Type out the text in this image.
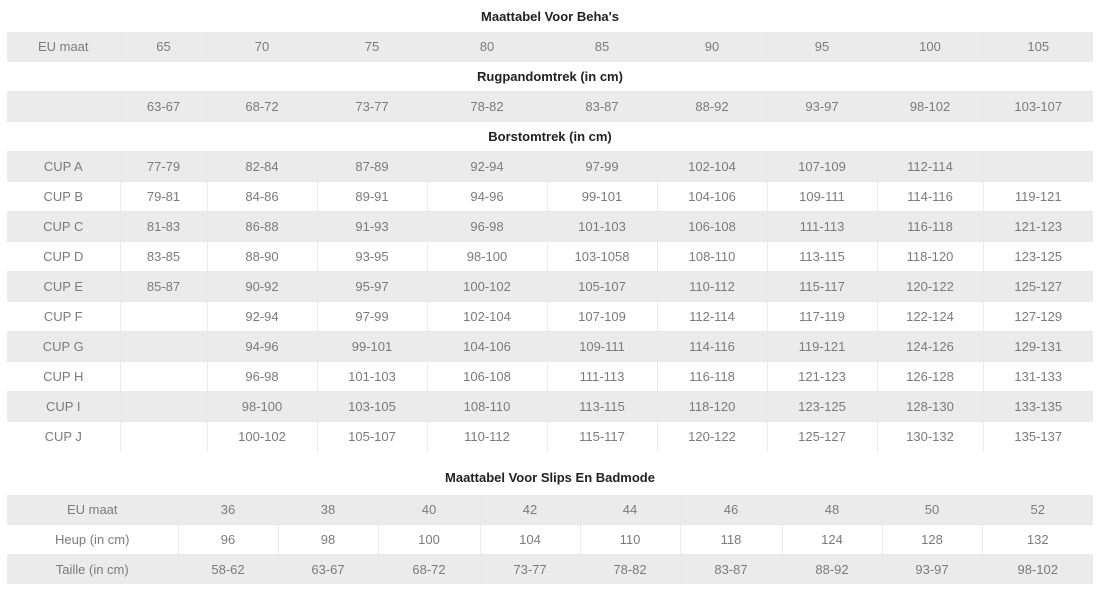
Maattabel Voor Beha's
EU maat	65	70	75	80	85	90	95	100	105
Rugpandomtrek (in cm)									
	63-67	68-72	73-77	78-82	83-87	88-92	93-97	98-102	103-107
Borstomtrek (in cm)									
CUP A	77-79	82-84	87-89	92-94	97-99	102-104	107-109	112-114	
CUP B	79-81	84-86	89-91	94-96	99-101	104-106	109-111	114-116	119-121
CUP C	81-83	86-88	91-93	96-98	101-103	106-108	111-113	116-118	121-123
CUP D	83-85	88-90	93-95	98-100	103-1058	108-110	113-115	118-120	123-125
CUP E	85-87	90-92	95-97	100-102	105-107	110-112	115-117	120-122	125-127
CUP F		92-94	97-99	102-104	107-109	112-114	117-119	122-124	127-129
CUP G		94-96	99-101	104-106	109-111	114-116	119-121	124-126	129-131
CUP H		96-98	101-103	106-108	111-113	116-118	121-123	126-128	131-133
CUP I		98-100	103-105	108-110	113-115	118-120	123-125	128-130	133-135
CUP J		100-102	105-107	110-112	115-117	120-122	125-127	130-132	135-137
Maattabel Voor Slips En Badmode
EU maat	36	38	40	42	44	46	48	50	52
Heup (in cm)	96	98	100	104	110	118	124	128	132
Taille (in cm)	58-62	63-67	68-72	73-77	78-82	83-87	88-92	93-97	98-102
